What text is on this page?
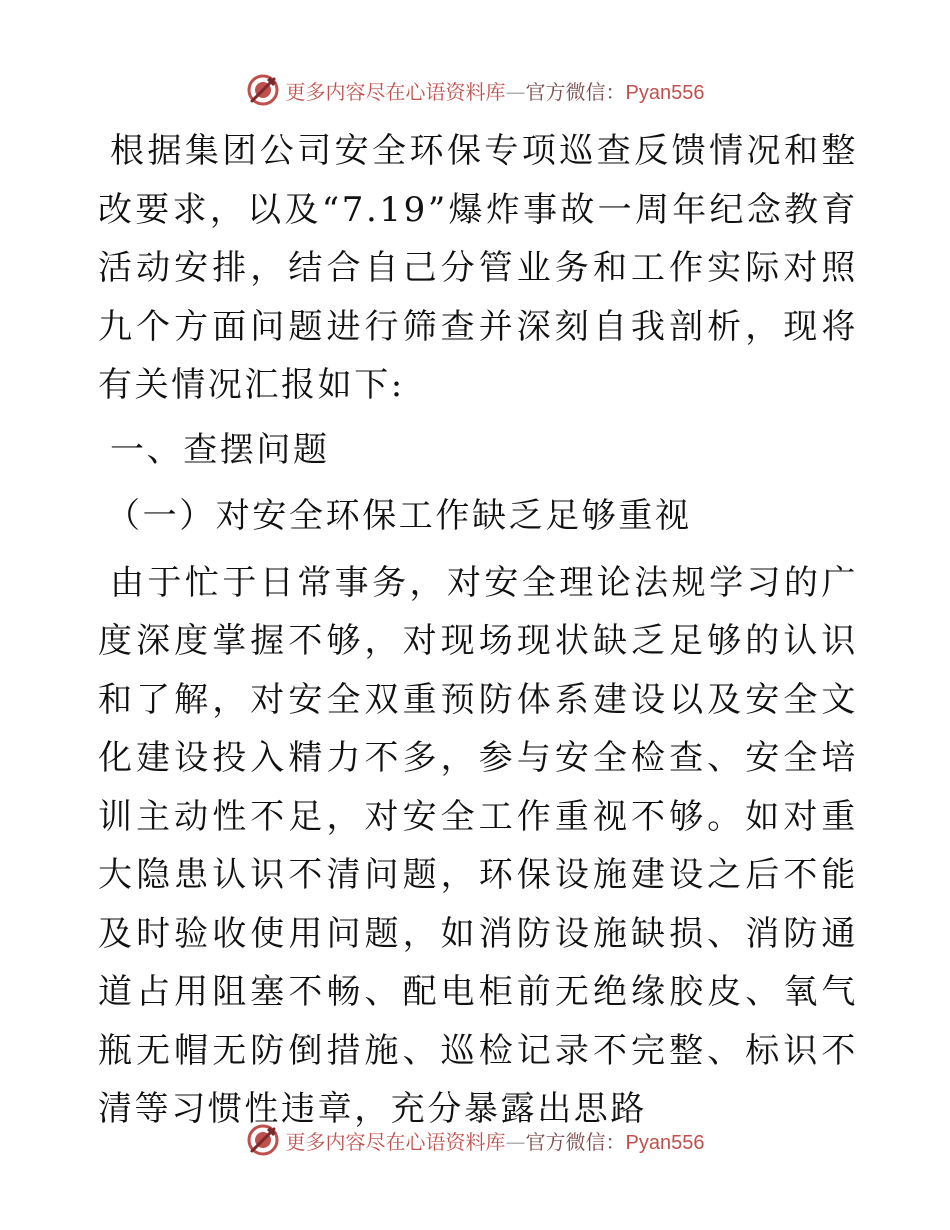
更多内容尽在心语资料库—官方微信：Pyan556

根据集团公司安全环保专项巡查反馈情况和整改要求，以及“7.19”爆炸事故一周年纪念教育活动安排，结合自己分管业务和工作实际对照九个方面问题进行筛查并深刻自我剖析，现将有关情况汇报如下:

一、查摆问题

（一）对安全环保工作缺乏足够重视

由于忙于日常事务，对安全理论法规学习的广度深度掌握不够，对现场现状缺乏足够的认识和了解，对安全双重预防体系建设以及安全文化建设投入精力不多，参与安全检查、安全培训主动性不足，对安全工作重视不够。如对重大隐患认识不清问题，环保设施建设之后不能及时验收使用问题，如消防设施缺损、消防通道占用阻塞不畅、配电柜前无绝缘胶皮、氧气瓶无帽无防倒措施、巡检记录不完整、标识不清等习惯性违章，充分暴露出思路

更多内容尽在心语资料库—官方微信：Pyan556
